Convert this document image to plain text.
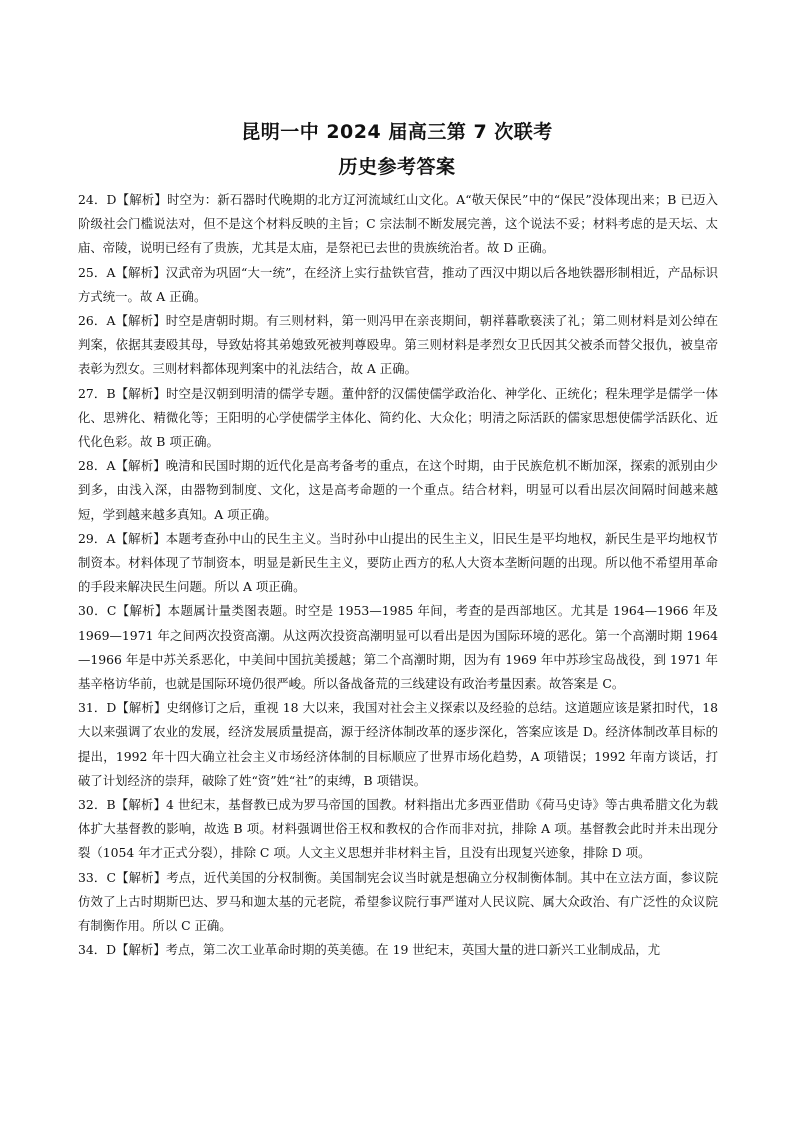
昆明一中 2024 届高三第 7 次联考
历史参考答案

24．D【解析】时空为：新石器时代晚期的北方辽河流域红山文化。A“敬天保民”中的“保民”没体现出来；B 已迈入阶级社会门槛说法对，但不是这个材料反映的主旨；C 宗法制不断发展完善，这个说法不妥；材料考虑的是天坛、太庙、帝陵，说明已经有了贵族，尤其是太庙，是祭祀已去世的贵族统治者。故 D 正确。

25．A【解析】汉武帝为巩固“大一统”，在经济上实行盐铁官营，推动了西汉中期以后各地铁器形制相近，产品标识方式统一。故 A 正确。

26．A【解析】时空是唐朝时期。有三则材料，第一则冯甲在亲丧期间，朝祥暮歌亵渎了礼；第二则材料是刘公绰在判案，依据其妻殴其母，导致姑将其弟媳致死被判尊殴卑。第三则材料是孝烈女卫氏因其父被杀而替父报仇，被皇帝表彰为烈女。三则材料都体现判案中的礼法结合，故 A 正确。

27．B【解析】时空是汉朝到明清的儒学专题。董仲舒的汉儒使儒学政治化、神学化、正统化；程朱理学是儒学一体化、思辨化、精微化等；王阳明的心学使儒学主体化、简约化、大众化；明清之际活跃的儒家思想使儒学活跃化、近代化色彩。故 B 项正确。

28．A【解析】晚清和民国时期的近代化是高考备考的重点，在这个时期，由于民族危机不断加深，探索的派别由少到多，由浅入深，由器物到制度、文化，这是高考命题的一个重点。结合材料，明显可以看出层次间隔时间越来越短，学到越来越多真知。A 项正确。

29．A【解析】本题考查孙中山的民生主义。当时孙中山提出的民生主义，旧民生是平均地权，新民生是平均地权节制资本。材料体现了节制资本，明显是新民生主义，要防止西方的私人大资本垄断问题的出现。所以他不希望用革命的手段来解决民生问题。所以 A 项正确。

30．C【解析】本题属计量类图表题。时空是 1953—1985 年间，考查的是西部地区。尤其是 1964—1966 年及 1969—1971 年之间两次投资高潮。从这两次投资高潮明显可以看出是因为国际环境的恶化。第一个高潮时期 1964—1966 年是中苏关系恶化，中美间中国抗美援越；第二个高潮时期，因为有 1969 年中苏珍宝岛战役，到 1971 年基辛格访华前，也就是国际环境仍很严峻。所以备战备荒的三线建设有政治考量因素。故答案是 C。

31．D【解析】史纲修订之后，重视 18 大以来，我国对社会主义探索以及经验的总结。这道题应该是紧扣时代，18 大以来强调了农业的发展，经济发展质量提高，源于经济体制改革的逐步深化，答案应该是 D。经济体制改革目标的提出，1992 年十四大确立社会主义市场经济体制的目标顺应了世界市场化趋势，A 项错误；1992 年南方谈话，打破了计划经济的崇拜，破除了姓“资”姓“社”的束缚，B 项错误。

32．B【解析】4 世纪末，基督教已成为罗马帝国的国教。材料指出尤多西亚借助《荷马史诗》等古典希腊文化为载体扩大基督教的影响，故选 B 项。材料强调世俗王权和教权的合作而非对抗，排除 A 项。基督教会此时并未出现分裂（1054 年才正式分裂），排除 C 项。人文主义思想并非材料主旨，且没有出现复兴迹象，排除 D 项。

33．C【解析】考点，近代美国的分权制衡。美国制宪会议当时就是想确立分权制衡体制。其中在立法方面，参议院仿效了上古时期斯巴达、罗马和迦太基的元老院，希望参议院行事严谨对人民议院、属大众政治、有广泛性的众议院有制衡作用。所以 C 正确。

34．D【解析】考点，第二次工业革命时期的英美德。在 19 世纪末，英国大量的进口新兴工业制成品，尤
